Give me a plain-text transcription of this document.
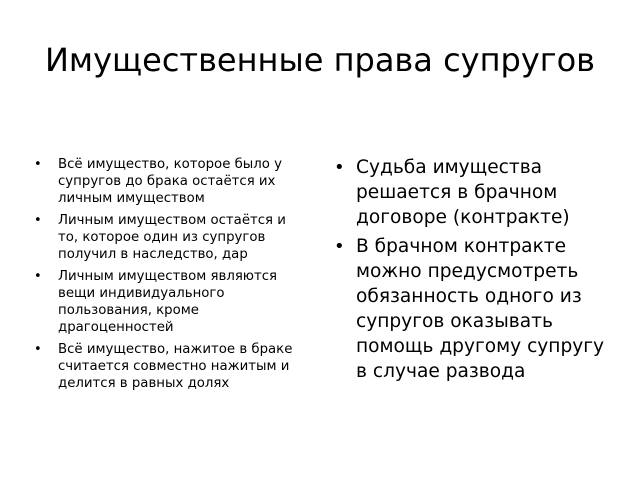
Имущественные права супругов
• Всё имущество, которое было у супругов до брака остаётся их личным имуществом
• Личным имуществом остаётся и то, которое один из супругов получил в наследство, дар
• Личным имуществом являются вещи индивидуального пользования, кроме драгоценностей
• Всё имущество, нажитое в браке считается совместно нажитым и делится в равных долях
• Судьба имущества решается в брачном договоре (контракте)
• В брачном контракте можно предусмотреть обязанность одного из супругов оказывать помощь другому супругу в случае развода
